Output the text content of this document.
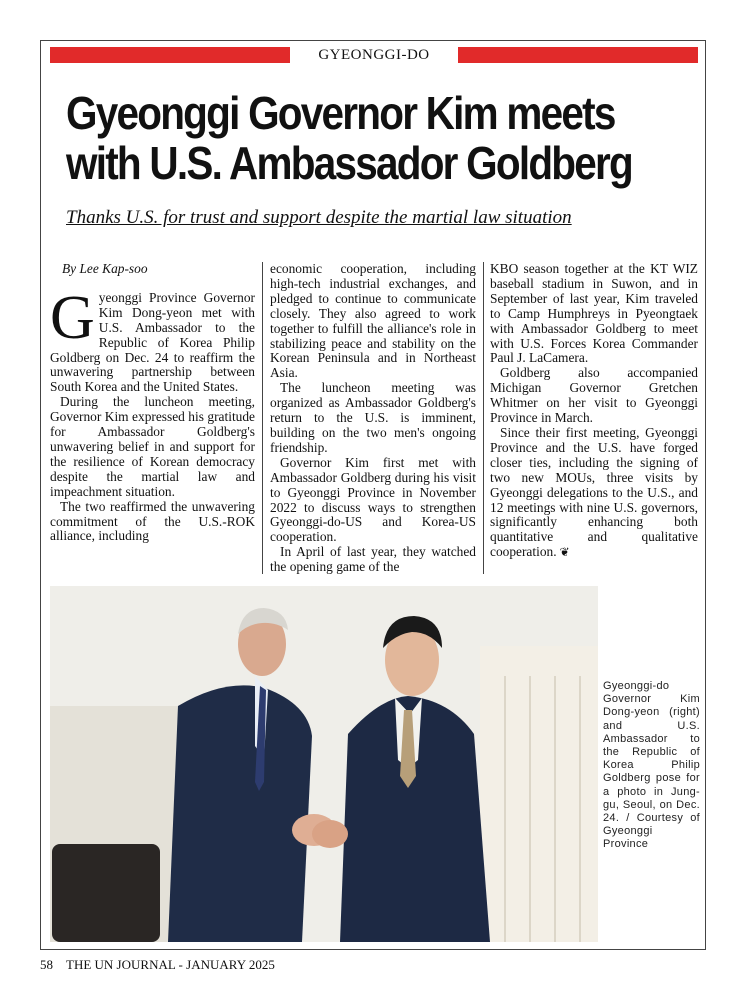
GYEONGGI-DO
Gyeonggi Governor Kim meets
with U.S. Ambassador Goldberg

Thanks U.S. for trust and support despite the martial law situation

By Lee Kap-soo

Gyeonggi Province Governor Kim Dong-yeon met with U.S. Ambassador to the Republic of Korea Philip Goldberg on Dec. 24 to reaffirm the unwavering partnership between South Korea and the United States.

During the luncheon meeting, Governor Kim expressed his gratitude for Ambassador Goldberg's unwavering belief in and support for the resilience of Korean democracy despite the martial law and impeachment situation.

The two reaffirmed the unwavering commitment of the U.S.-ROK alliance, including

economic cooperation, including high-tech industrial exchanges, and pledged to continue to communicate closely. They also agreed to work together to fulfill the alliance's role in stabilizing peace and stability on the Korean Peninsula and in Northeast Asia.

The luncheon meeting was organized as Ambassador Goldberg's return to the U.S. is imminent, building on the two men's ongoing friendship.

Governor Kim first met with Ambassador Goldberg during his visit to Gyeonggi Province in November 2022 to discuss ways to strengthen Gyeonggi-do-US and Korea-US cooperation.

In April of last year, they watched the opening game of the

KBO season together at the KT WIZ baseball stadium in Suwon, and in September of last year, Kim traveled to Camp Humphreys in Pyeongtaek with Ambassador Goldberg to meet with U.S. Forces Korea Commander Paul J. LaCamera.

Goldberg also accompanied Michigan Governor Gretchen Whitmer on her visit to Gyeonggi Province in March.

Since their first meeting, Gyeonggi Province and the U.S. have forged closer ties, including the signing of two new MOUs, three visits by Gyeonggi delegations to the U.S., and 12 meetings with nine U.S. governors, significantly enhancing both quantitative and qualitative cooperation. ❦

Gyeonggi-do Governor Kim Dong-yeon (right) and U.S. Ambassador to the Republic of Korea Philip Goldberg pose for a photo in Jung-gu, Seoul, on Dec. 24. / Courtesy of Gyeonggi Province
58 THE UN JOURNAL - JANUARY 2025
